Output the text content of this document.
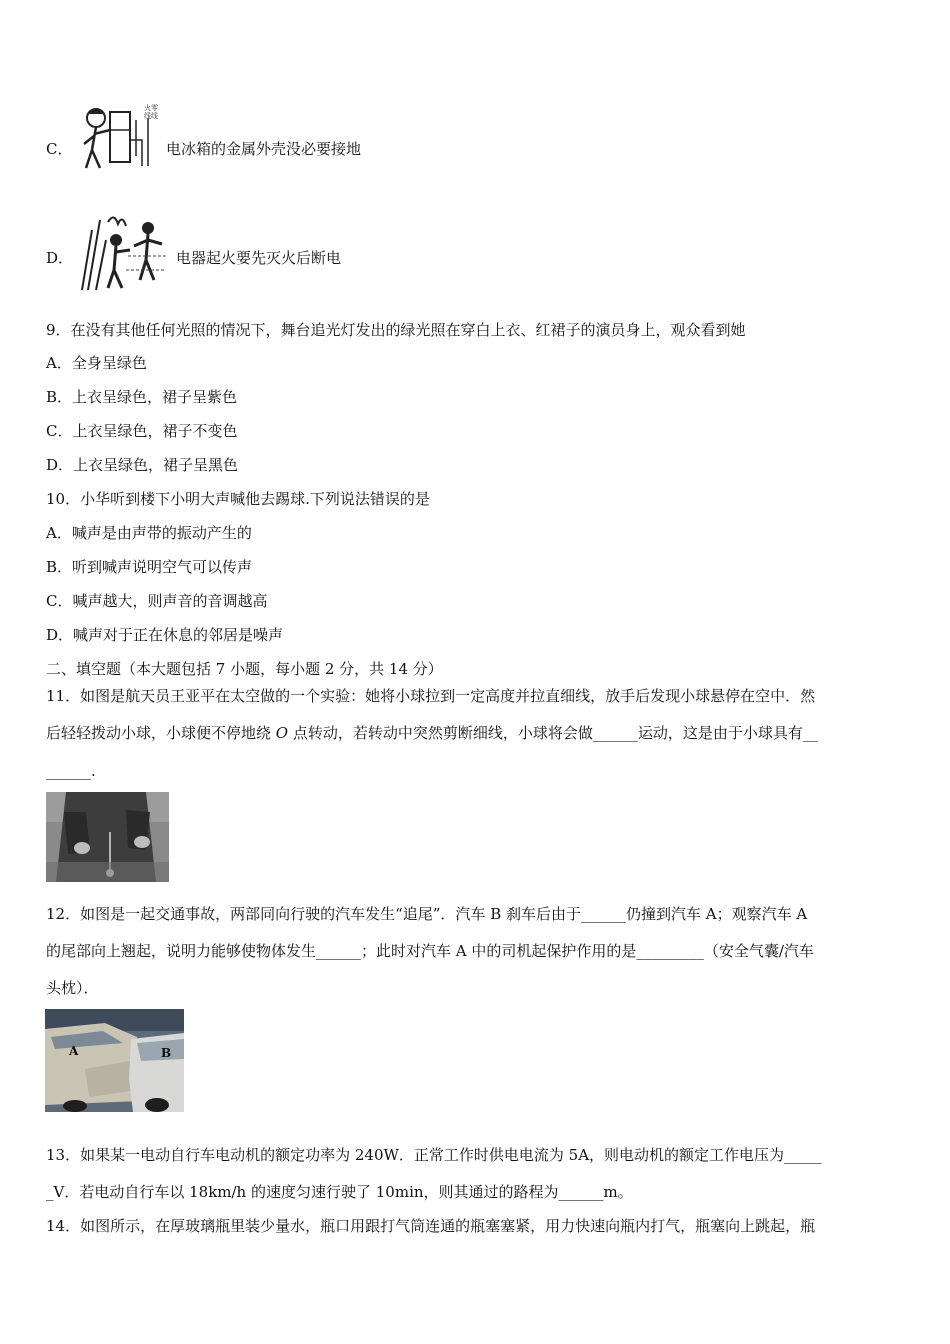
C．
火零
线线
电冰箱的金属外壳没必要接地
D．	电器起火要先灭火后断电
9．在没有其他任何光照的情况下，舞台追光灯发出的绿光照在穿白上衣、红裙子的演员身上，观众看到她
A．全身呈绿色
B．上衣呈绿色，裙子呈紫色
C．上衣呈绿色，裙子不变色
D．上衣呈绿色，裙子呈黑色
10．小华听到楼下小明大声喊他去踢球.下列说法错误的是
A．喊声是由声带的振动产生的
B．听到喊声说明空气可以传声
C．喊声越大，则声音的音调越高
D．喊声对于正在休息的邻居是噪声
二、填空题（本大题包括 7 小题，每小题 2 分，共 14 分）
11．如图是航天员王亚平在太空做的一个实验：她将小球拉到一定高度并拉直细线，放手后发现小球悬停在空中．然
后轻轻拨动小球，小球便不停地绕 O 点转动，若转动中突然剪断细线，小球将会做______运动，这是由于小球具有__
______.
12．如图是一起交通事故，两部同向行驶的汽车发生“追尾”．汽车 B 刹车后由于______仍撞到汽车 A；观察汽车 A
的尾部向上翘起，说明力能够使物体发生______；此时对汽车 A 中的司机起保护作用的是_________（安全气囊/汽车
头枕）．
A	B
13．如果某一电动自行车电动机的额定功率为 240W．正常工作时供电电流为 5A，则电动机的额定工作电压为_____
_V．若电动自行车以 18km/h 的速度匀速行驶了 10min，则其通过的路程为______m。
14．如图所示，在厚玻璃瓶里装少量水，瓶口用跟打气筒连通的瓶塞塞紧，用力快速向瓶内打气，瓶塞向上跳起，瓶
